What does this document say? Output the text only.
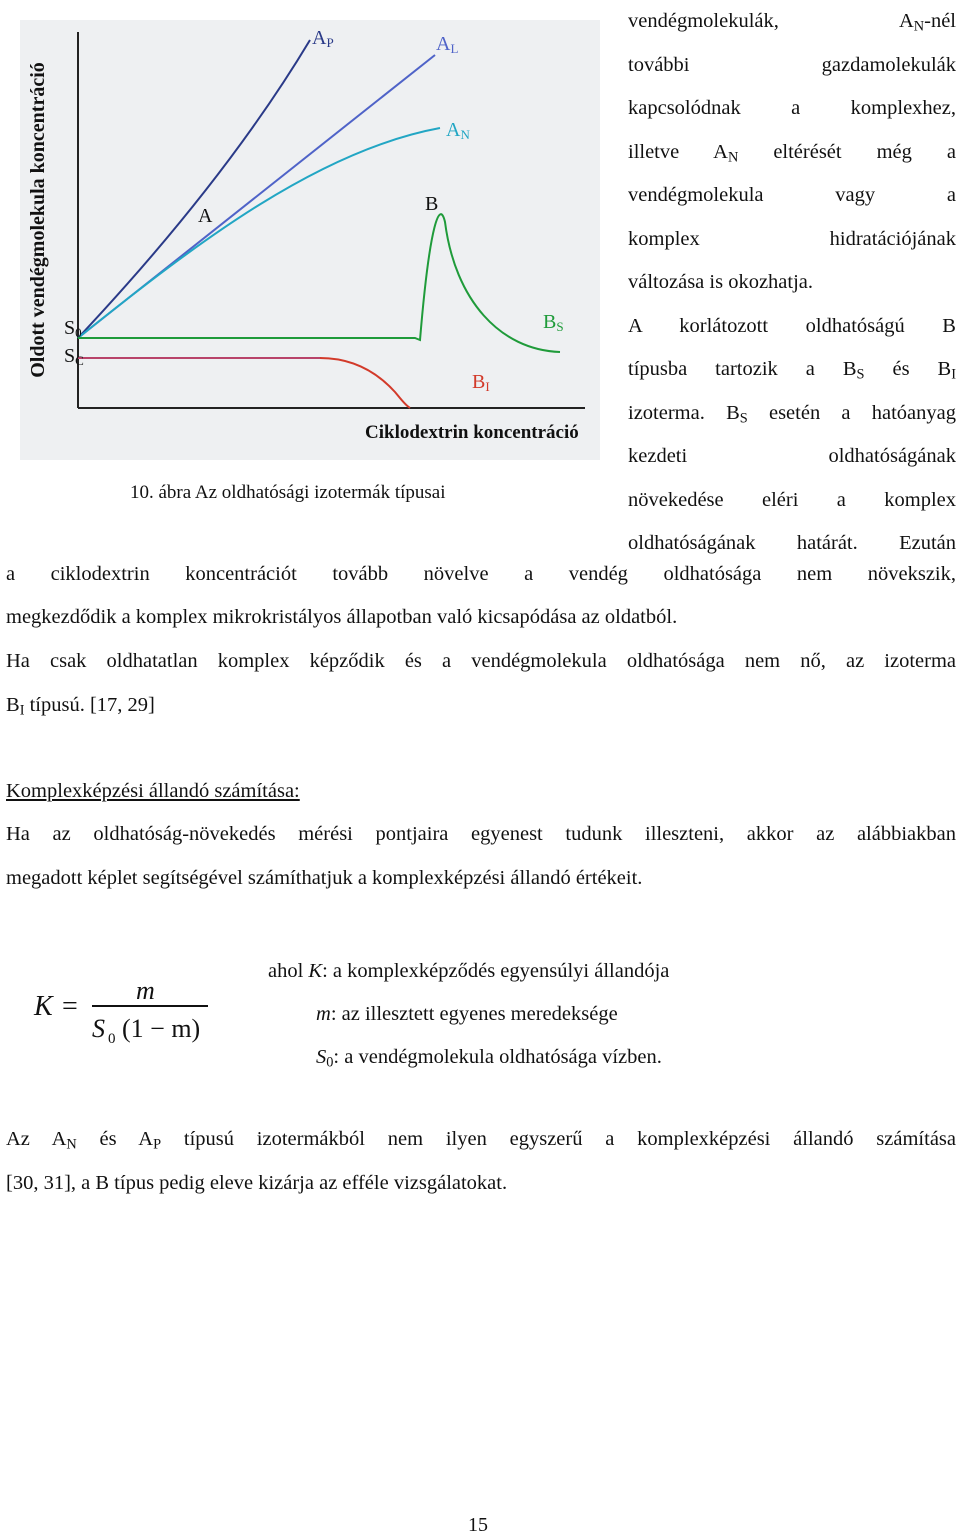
Oldott vendégmolekula koncentráció
Ciklodextrin koncentráció
AP	AL
AN
A
B
BS
BI
S0
SC
10. ábra Az oldhatósági izotermák típusai
vendégmolekulák,	$A_N$-nél
további gazdamolekulák
kapcsolódnak a komplexhez,
illetve $A_N$ eltérését még a
vendégmolekula vagy a
komplex hidratációjának
változása is okozhatja.
A korlátozott oldhatóságú B
típusba tartozik a $B_S$ és $B_I$
izoterma. $B_S$ esetén a hatóanyag
kezdeti oldhatóságának
növekedése eléri a komplex
oldhatóságának határát. Ezután
a ciklodextrin koncentrációt tovább növelve a vendég oldhatósága nem növekszik,
megkezdődik a komplex mikrokristályos állapotban való kicsapódása az oldatból.
Ha csak oldhatatlan komplex képződik és a vendégmolekula oldhatósága nem nő, az izoterma
$B_I$ típusú. [17, 29]
Komplexképzési állandó számítása:
Ha az oldhatóság-növekedés mérési pontjaira egyenest tudunk illeszteni, akkor az alábbiakban
megadott képlet segítségével számíthatjuk a komplexképzési állandó értékeit.
K =
m
S 0 (1 − m)
ahol K: a komplexképződés egyensúlyi állandója
m: az illesztett egyenes meredeksége
$S_0$: a vendégmolekula oldhatósága vízben.
Az $A_N$ és $A_P$ típusú izotermákból nem ilyen egyszerű a komplexképzési állandó számítása
[30, 31], a B típus pedig eleve kizárja az efféle vizsgálatokat.
15
